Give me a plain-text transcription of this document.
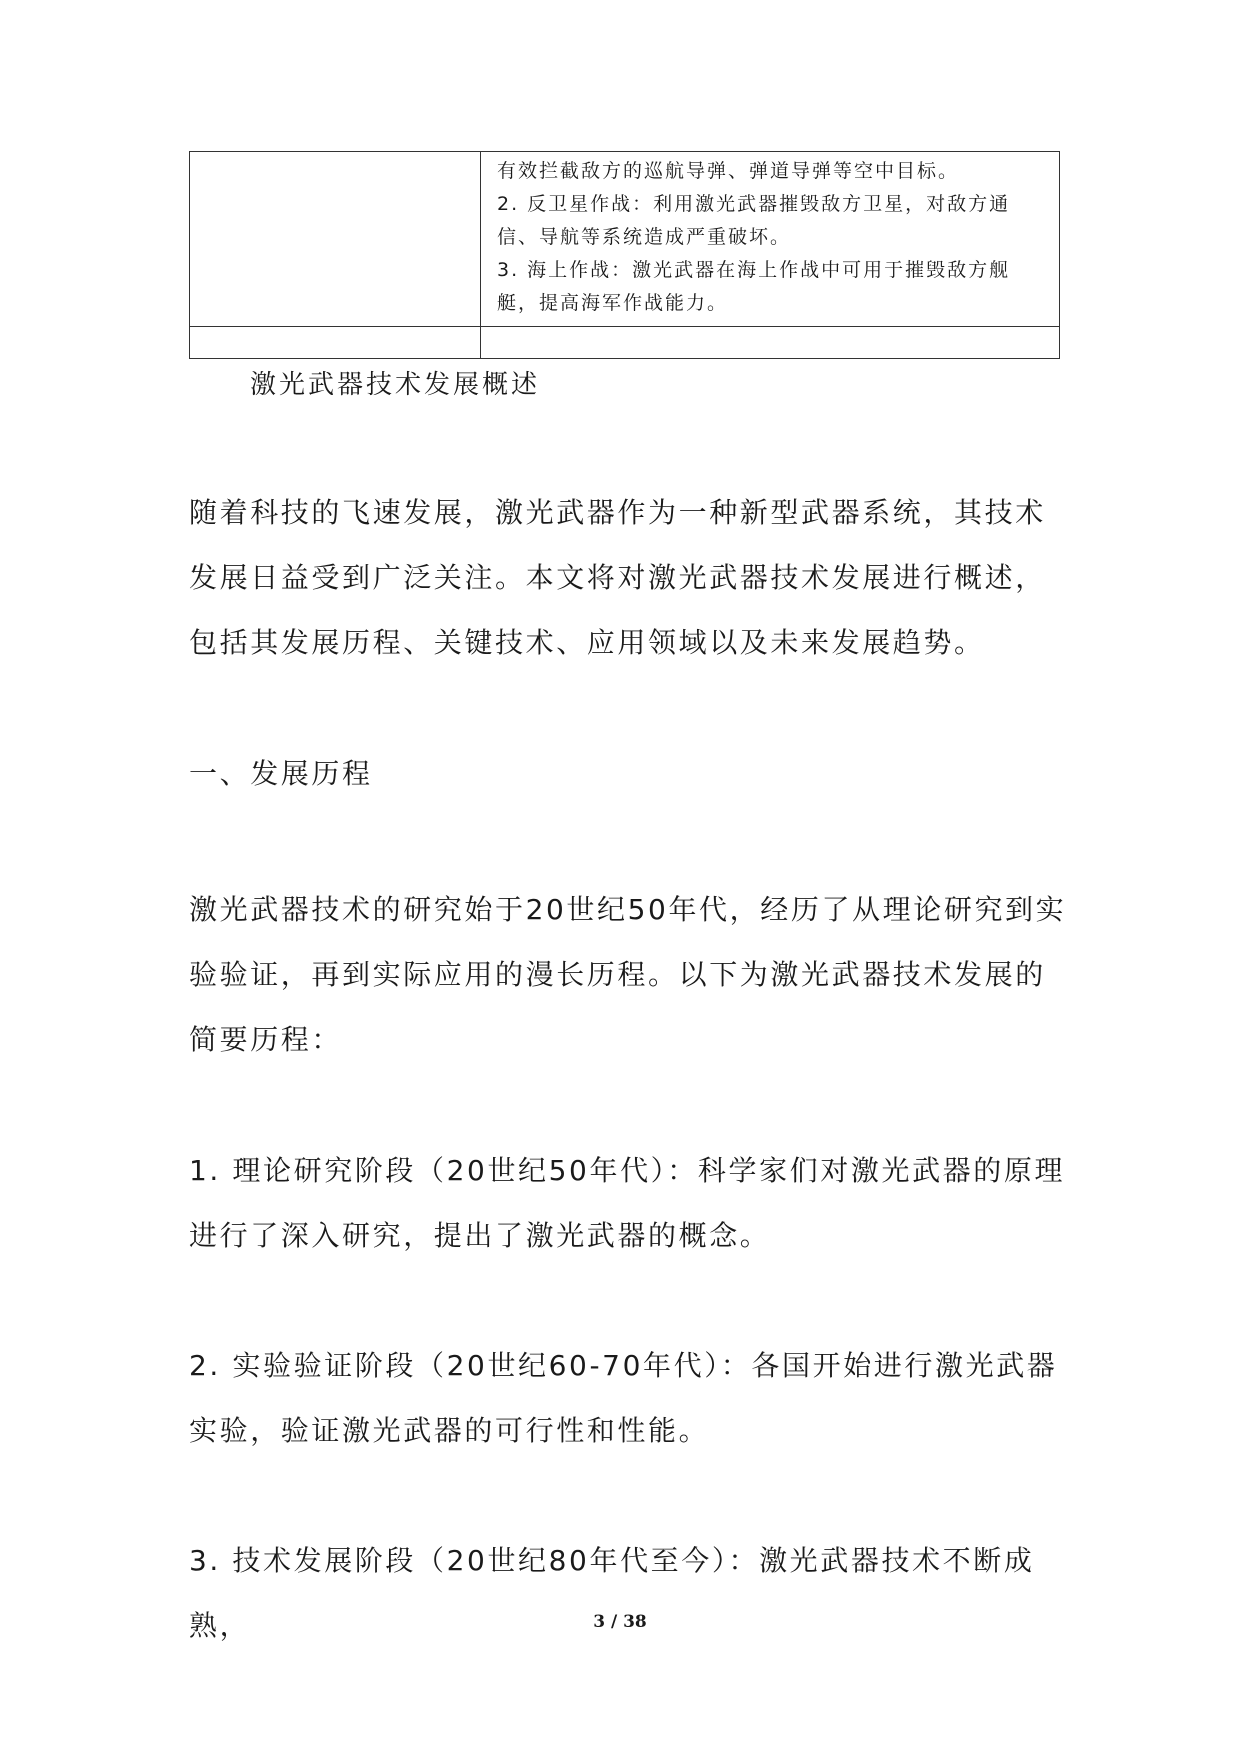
	有效拦截敌方的巡航导弹、弹道导弹等空中目标。

2. 反卫星作战：利用激光武器摧毁敌方卫星，对敌方通信、导航等系统造成严重破坏。

3. 海上作战：激光武器在海上作战中可用于摧毁敌方舰艇，提高海军作战能力。

激光武器技术发展概述

随着科技的飞速发展，激光武器作为一种新型武器系统，其技术发展日益受到广泛关注。本文将对激光武器技术发展进行概述，包括其发展历程、关键技术、应用领域以及未来发展趋势。

一、发展历程

激光武器技术的研究始于20世纪50年代，经历了从理论研究到实验验证，再到实际应用的漫长历程。以下为激光武器技术发展的简要历程：

1. 理论研究阶段（20世纪50年代）：科学家们对激光武器的原理进行了深入研究，提出了激光武器的概念。

2. 实验验证阶段（20世纪60-70年代）：各国开始进行激光武器实验，验证激光武器的可行性和性能。

3. 技术发展阶段（20世纪80年代至今）：激光武器技术不断成熟，	3 / 38
